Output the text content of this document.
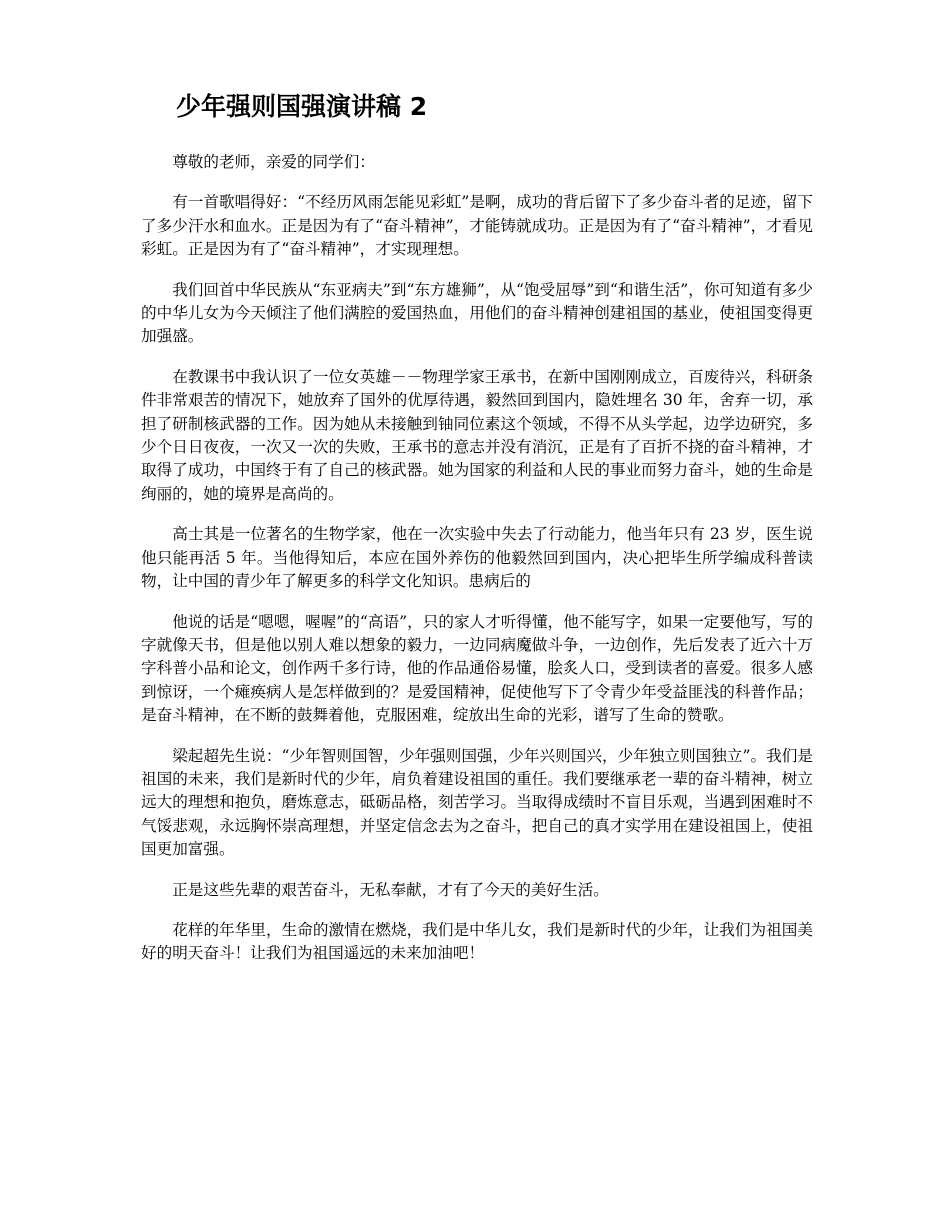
少年强则国强演讲稿 2

尊敬的老师，亲爱的同学们：

有一首歌唱得好：“不经历风雨怎能见彩虹”是啊，成功的背后留下了多少奋斗者的足迹，留下了多少汗水和血水。正是因为有了“奋斗精神”，才能铸就成功。正是因为有了“奋斗精神”，才看见彩虹。正是因为有了“奋斗精神”，才实现理想。

我们回首中华民族从“东亚病夫”到“东方雄狮”，从“饱受屈辱”到“和谐生活”，你可知道有多少的中华儿女为今天倾注了他们满腔的爱国热血，用他们的奋斗精神创建祖国的基业，使祖国变得更加强盛。

在教课书中我认识了一位女英雄－－物理学家王承书，在新中国刚刚成立，百废待兴，科研条件非常艰苦的情况下，她放弃了国外的优厚待遇，毅然回到国内，隐姓埋名 30 年，舍弃一切，承担了研制核武器的工作。因为她从未接触到铀同位素这个领域，不得不从头学起，边学边研究，多少个日日夜夜，一次又一次的失败，王承书的意志并没有消沉，正是有了百折不挠的奋斗精神，才取得了成功，中国终于有了自己的核武器。她为国家的利益和人民的事业而努力奋斗，她的生命是绚丽的，她的境界是高尚的。

高士其是一位著名的生物学家，他在一次实验中失去了行动能力，他当年只有 23 岁，医生说他只能再活 5 年。当他得知后，本应在国外养伤的他毅然回到国内，决心把毕生所学编成科普读物，让中国的青少年了解更多的科学文化知识。患病后的

他说的话是“嗯嗯，喔喔”的“高语”，只的家人才听得懂，他不能写字，如果一定要他写，写的字就像天书，但是他以别人难以想象的毅力，一边同病魔做斗争，一边创作，先后发表了近六十万字科普小品和论文，创作两千多行诗，他的作品通俗易懂，脍炙人口，受到读者的喜爱。很多人感到惊讶，一个瘫痪病人是怎样做到的？是爱国精神，促使他写下了令青少年受益匪浅的科普作品；是奋斗精神，在不断的鼓舞着他，克服困难，绽放出生命的光彩，谱写了生命的赞歌。

梁起超先生说：“少年智则国智，少年强则国强，少年兴则国兴，少年独立则国独立”。我们是祖国的未来，我们是新时代的少年，肩负着建设祖国的重任。我们要继承老一辈的奋斗精神，树立远大的理想和抱负，磨炼意志，砥砺品格，刻苦学习。当取得成绩时不盲目乐观，当遇到困难时不气馁悲观，永远胸怀崇高理想，并坚定信念去为之奋斗，把自己的真才实学用在建设祖国上，使祖国更加富强。

正是这些先辈的艰苦奋斗，无私奉献，才有了今天的美好生活。

花样的年华里，生命的激情在燃烧，我们是中华儿女，我们是新时代的少年，让我们为祖国美好的明天奋斗！让我们为祖国遥远的未来加油吧！
